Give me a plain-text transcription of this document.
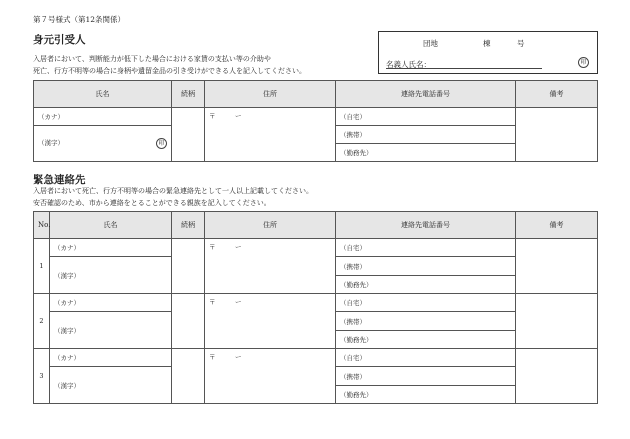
第７号様式（第12条関係）
身元引受人
入居者において、判断能力が低下した場合における家賃の支払い等の介助や
死亡、行方不明等の場合に身柄や遺留金品の引き受けができる人を記入してください。
団地	棟	号
名義人氏名：	印
氏名	続柄	住所	連絡先電話番号	備考
（カナ）		〒　　　ー	（自宅）	
（漢字） 印			（携帯）	
			（勤務先）	
緊急連絡先
入居者において死亡、行方不明等の場合の緊急連絡先として一人以上記載してください。
安否確認のため、市から連絡をとることができる親族を記入してください。
No.	氏名	続柄	住所	連絡先電話番号	備考
1	（カナ）		〒　　　ー	（自宅）	
	（漢字）			（携帯）	
				（勤務先）	
2	（カナ）		〒　　　ー	（自宅）	
	（漢字）			（携帯）	
				（勤務先）	
3	（カナ）		〒　　　ー	（自宅）	
	（漢字）			（携帯）	
				（勤務先）	
